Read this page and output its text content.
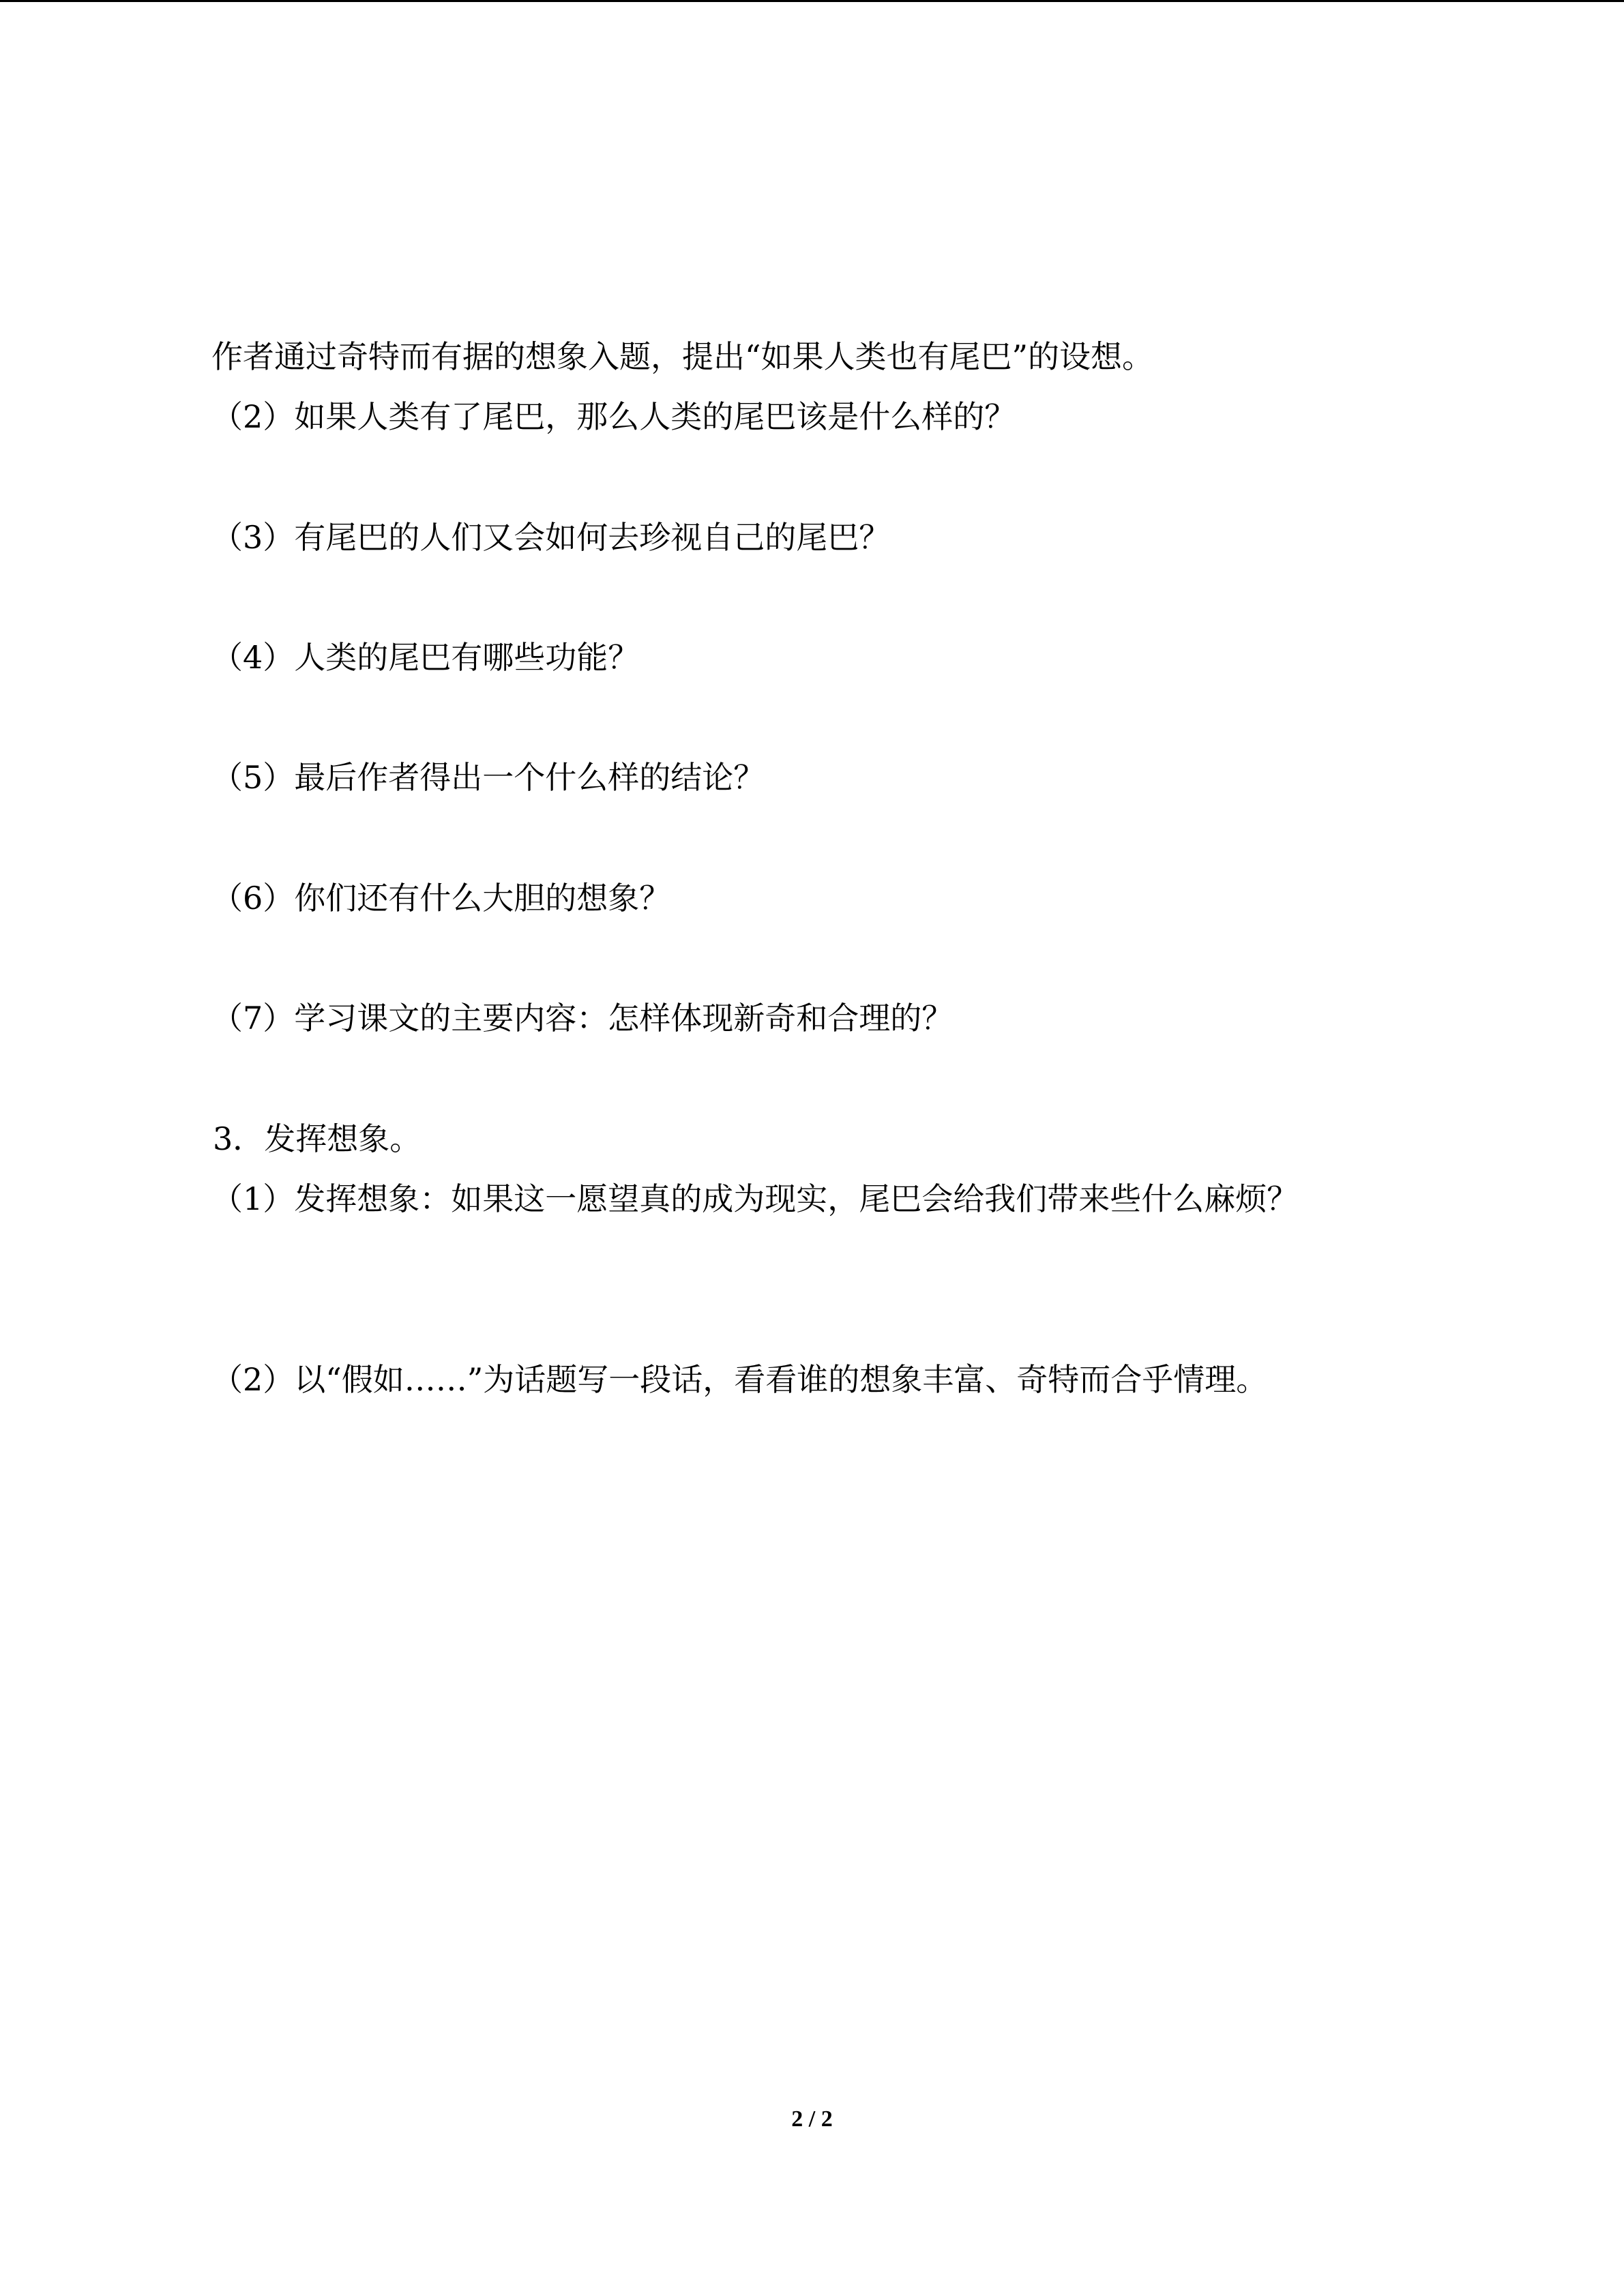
作者通过奇特而有据的想象入题，提出“如果人类也有尾巴”的设想。
（2）如果人类有了尾巴，那么人类的尾巴该是什么样的？
（3）有尾巴的人们又会如何去珍视自己的尾巴？
（4）人类的尾巴有哪些功能？
（5）最后作者得出一个什么样的结论？
（6）你们还有什么大胆的想象？
（7）学习课文的主要内容：怎样体现新奇和合理的？
3．发挥想象。
（1）发挥想象：如果这一愿望真的成为现实，尾巴会给我们带来些什么麻烦？
（2）以“假如……”为话题写一段话，看看谁的想象丰富、奇特而合乎情理。
2 / 2
